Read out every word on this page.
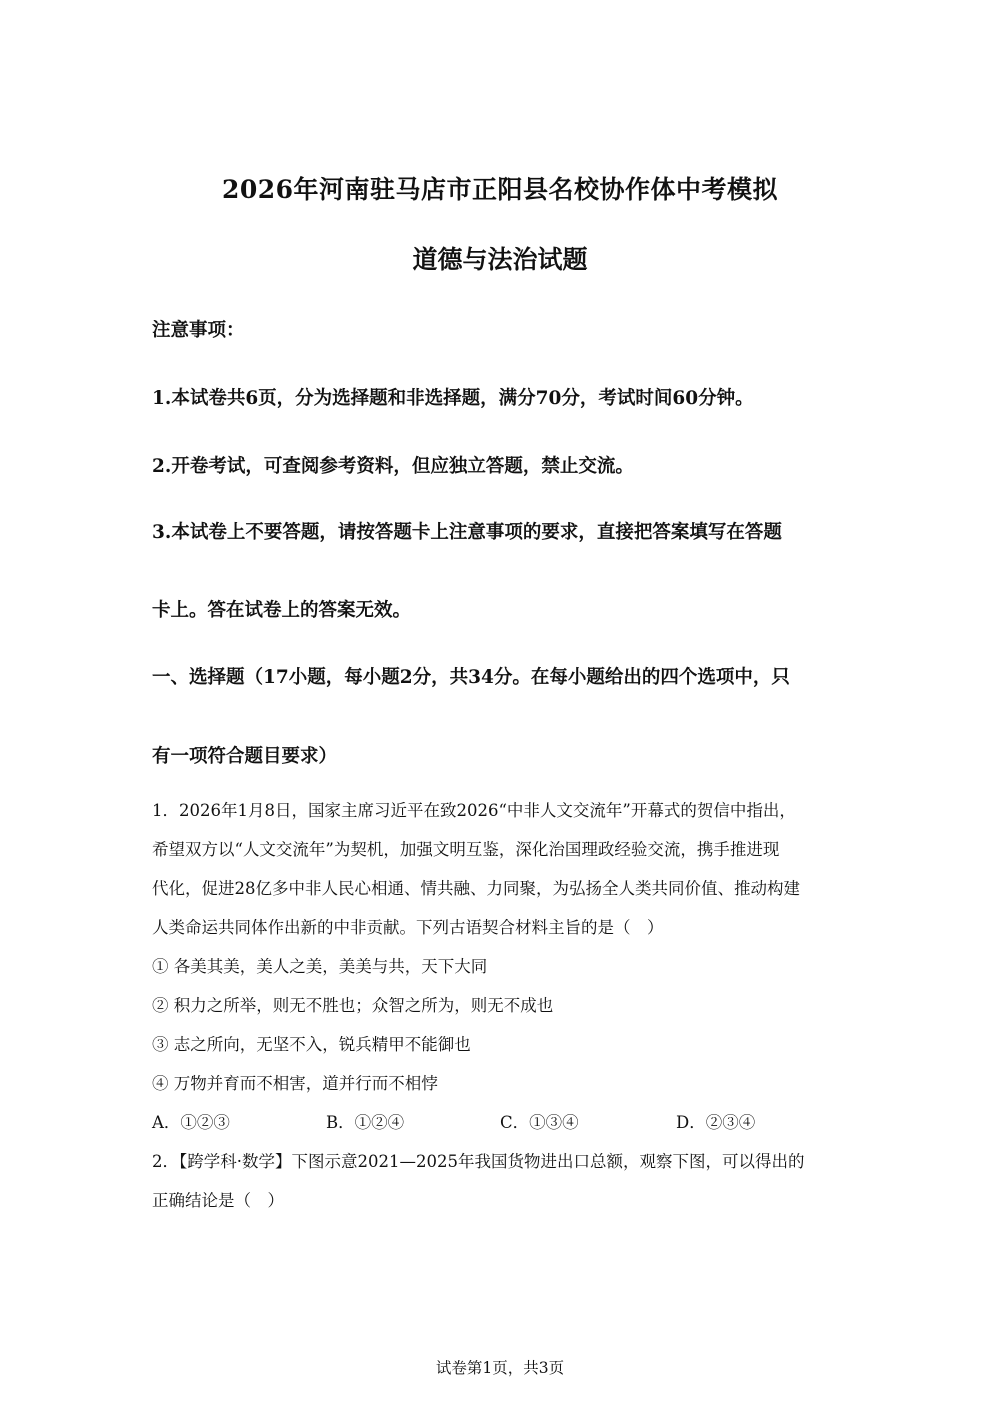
2026年河南驻马店市正阳县名校协作体中考模拟
道德与法治试题
注意事项：
1.本试卷共6页，分为选择题和非选择题，满分70分，考试时间60分钟。
2.开卷考试，可查阅参考资料，但应独立答题，禁止交流。
3.本试卷上不要答题，请按答题卡上注意事项的要求，直接把答案填写在答题
卡上。答在试卷上的答案无效。
一、选择题（17小题，每小题2分，共34分。在每小题给出的四个选项中，只
有一项符合题目要求）
1．2026年1月8日，国家主席习近平在致2026“中非人文交流年”开幕式的贺信中指出，
希望双方以“人文交流年”为契机，加强文明互鉴，深化治国理政经验交流，携手推进现
代化，促进28亿多中非人民心相通、情共融、力同聚，为弘扬全人类共同价值、推动构建
人类命运共同体作出新的中非贡献。下列古语契合材料主旨的是（　）
① 各美其美，美人之美，美美与共，天下大同
② 积力之所举，则无不胜也；众智之所为，则无不成也
③ 志之所向，无坚不入，锐兵精甲不能御也
④ 万物并育而不相害，道并行而不相悖
A．①②③	B．①②④	C．①③④	D．②③④
2．【跨学科·数学】下图示意2021—2025年我国货物进出口总额，观察下图，可以得出的
正确结论是（　）
试卷第1页，共3页
